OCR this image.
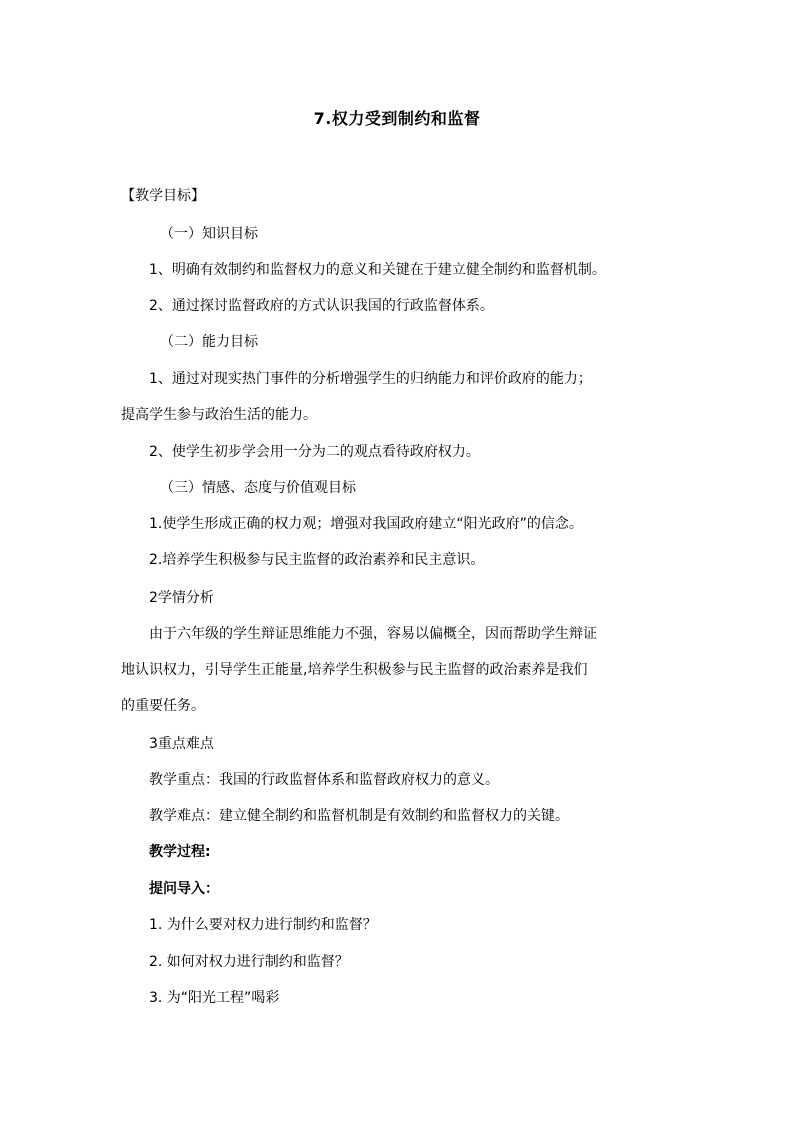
7.权力受到制约和监督
【教学目标】
（一）知识目标
1、明确有效制约和监督权力的意义和关键在于建立健全制约和监督机制。
2、通过探讨监督政府的方式认识我国的行政监督体系。
（二）能力目标
1、通过对现实热门事件的分析增强学生的归纳能力和评价政府的能力；
提高学生参与政治生活的能力。
2、使学生初步学会用一分为二的观点看待政府权力。
（三）情感、态度与价值观目标
1.使学生形成正确的权力观；增强对我国政府建立“阳光政府”的信念。
2.培养学生积极参与民主监督的政治素养和民主意识。
2学情分析
由于六年级的学生辩证思维能力不强，容易以偏概全，因而帮助学生辩证
地认识权力，引导学生正能量,培养学生积极参与民主监督的政治素养是我们
的重要任务。
3重点难点
教学重点：我国的行政监督体系和监督政府权力的意义。
教学难点：建立健全制约和监督机制是有效制约和监督权力的关键。
教学过程:
提问导入：
1. 为什么要对权力进行制约和监督？
2. 如何对权力进行制约和监督？
3. 为“阳光工程”喝彩
